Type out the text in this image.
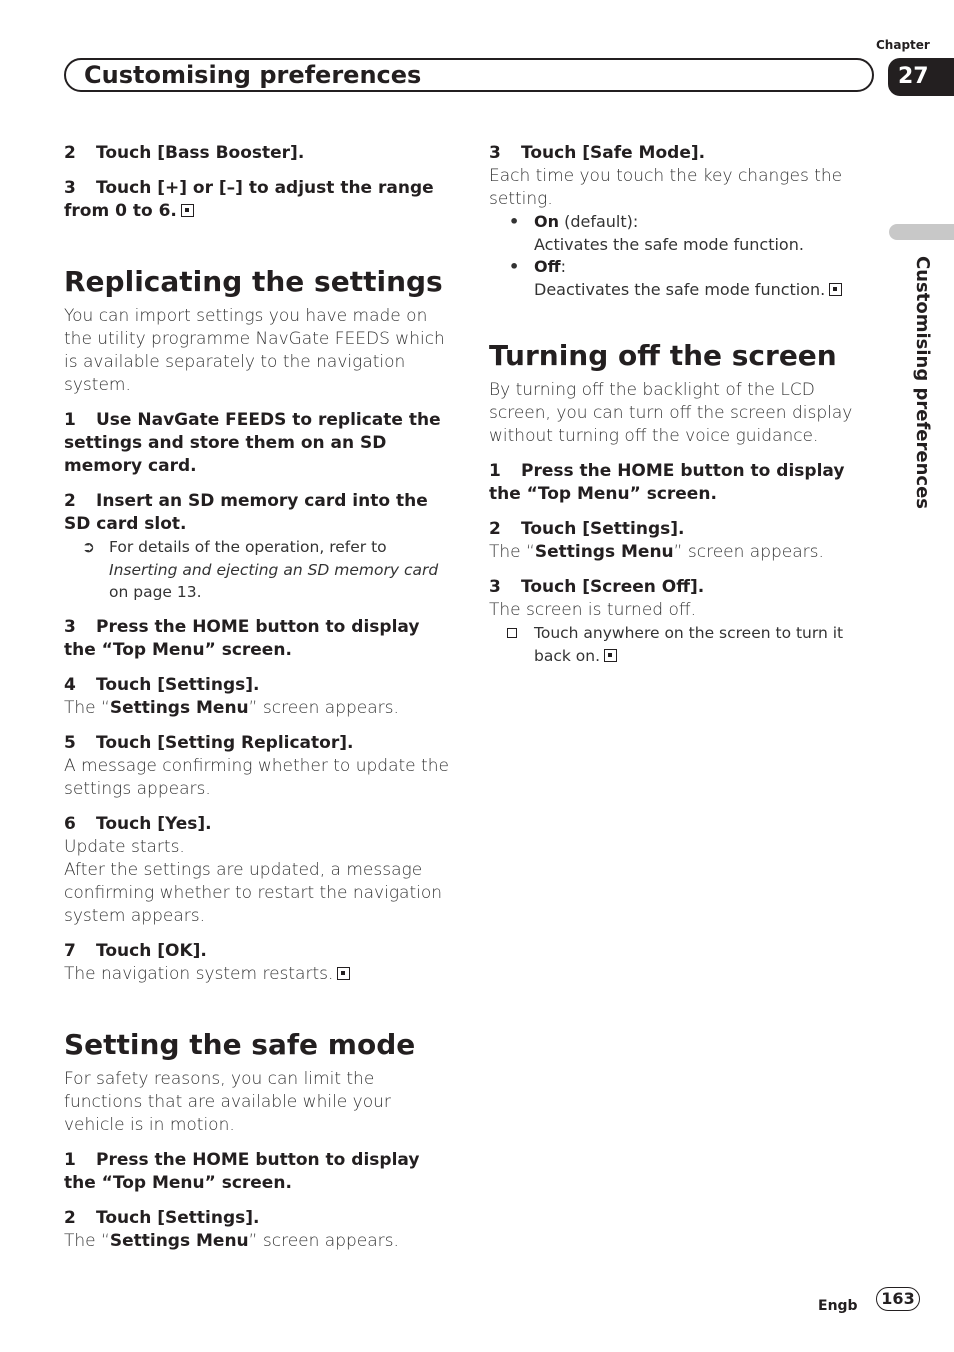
Chapter
Customising preferences	27
Customising preferences

2 Touch [Bass Booster].

3 Touch [+] or [–] to adjust the range from 0 to 6.

Replicating the settings

You can import settings you have made on the utility programme NavGate FEEDS which is available separately to the navigation system.

1 Use NavGate FEEDS to replicate the settings and store them on an SD memory card.

2 Insert an SD memory card into the SD card slot.

➲ For details of the operation, refer to Inserting and ejecting an SD memory card on page 13.

3 Press the HOME button to display the “Top Menu” screen.

4 Touch [Settings].

The “Settings Menu” screen appears.

5 Touch [Setting Replicator].

A message confirming whether to update the settings appears.

6 Touch [Yes].

Update starts.

After the settings are updated, a message confirming whether to restart the navigation system appears.

7 Touch [OK].

The navigation system restarts.

Setting the safe mode

For safety reasons, you can limit the functions that are available while your vehicle is in motion.

1 Press the HOME button to display the “Top Menu” screen.

2 Touch [Settings].

The “Settings Menu” screen appears.

3 Touch [Safe Mode].

Each time you touch the key changes the setting.

• On (default):

Activates the safe mode function.

• Off:

Deactivates the safe mode function.

Turning off the screen

By turning off the backlight of the LCD screen, you can turn off the screen display without turning off the voice guidance.

1 Press the HOME button to display the “Top Menu” screen.

2 Touch [Settings].

The “Settings Menu” screen appears.

3 Touch [Screen Off].

The screen is turned off.

Touch anywhere on the screen to turn it back on.

Engb	163
